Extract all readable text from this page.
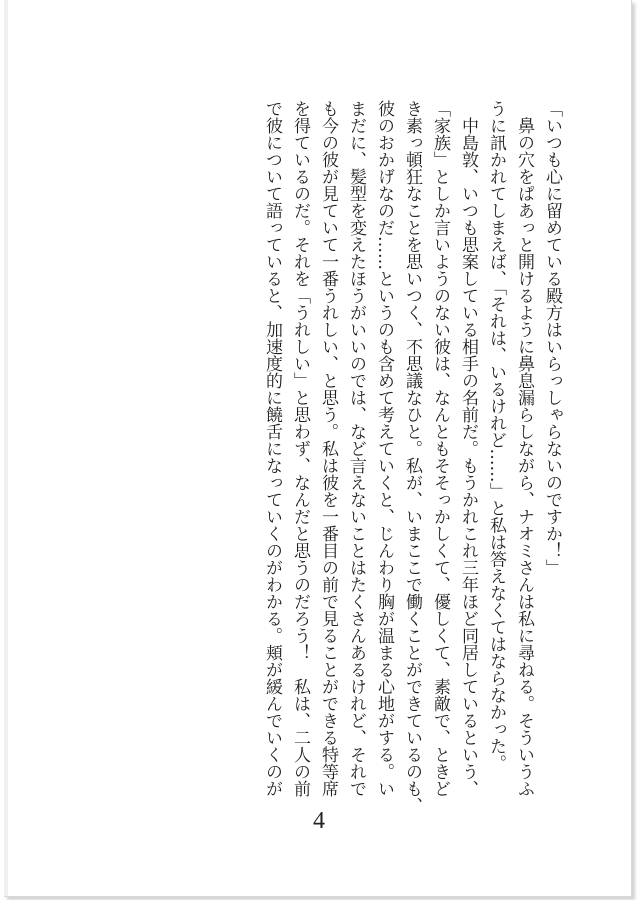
「いつも心に留めている殿方はいらっしゃらないのですか！」
　鼻の穴をぱあっと開けるように鼻息漏らしながら、ナオミさんは私に尋ねる。そういうふ
うに訊かれてしまえば、「それは、いるけれど……」と私は答えなくてはならなかった。
　中島敦、いつも思案している相手の名前だ。もうかれこれ三年ほど同居しているという、
「家族」としか言いようのない彼は、なんともそそっかしくて、優しくて、素敵で、ときど
き素っ頓狂なことを思いつく、不思議なひと。私が、いまここで働くことができているのも、
彼のおかげなのだ……というのも含めて考えていくと、じんわり胸が温まる心地がする。い
まだに、髪型を変えたほうがいいのでは、など言えないことはたくさんあるけれど、それで
も今の彼が見ていて一番うれしい、と思う。私は彼を一番目の前で見ることができる特等席
を得ているのだ。それを「うれしい」と思わず、なんだと思うのだろう！　私は、二人の前
で彼について語っていると、加速度的に饒舌になっていくのがわかる。頬が緩んでいくのが
4
